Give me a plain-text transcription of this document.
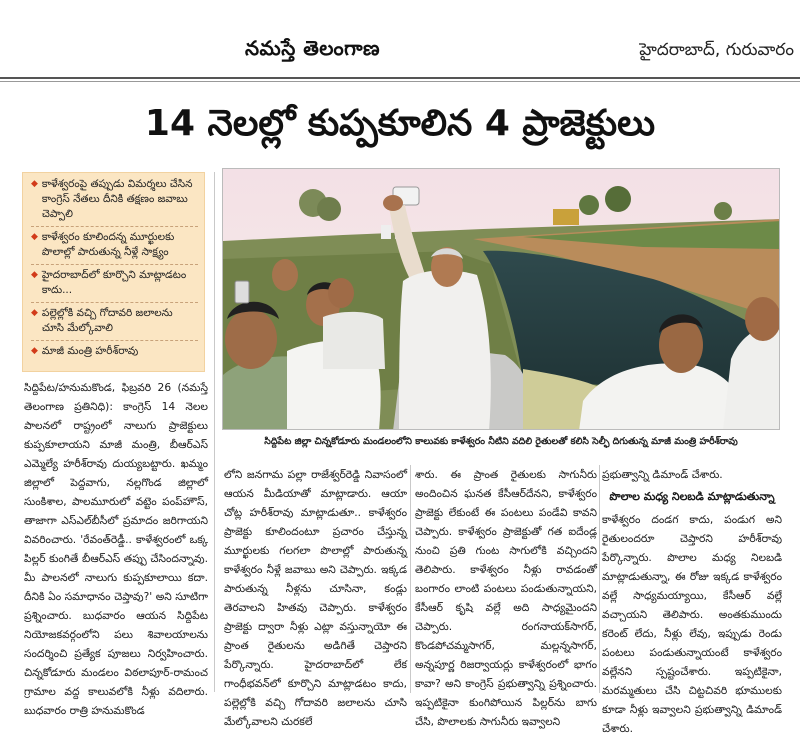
నమస్తే తెలంగాణ	హైదరాబాద్, గురువారం
14 నెలల్లో కుప్పకూలిన 4 ప్రాజెక్టులు
◆ కాళేశ్వరంపై తప్పుడు విమర్శలు చేసిన కాంగ్రెస్ నేతలు దీనికి తక్షణం జవాబు చెప్పాలి
◆ కాళేశ్వరం కూలిందన్న మూర్ఖులకు పొలాల్లో పారుతున్న నీళ్లే సాక్ష్యం
◆ హైదరాబాద్‌లో కూర్చొని మాట్లాడటం కాదు...
◆ పల్లెల్లోకి వచ్చి గోదావరి జలాలను చూసి మేల్కోవాలి
◆ మాజీ మంత్రి హరీశ్‌రావు
సిద్దిపేట జిల్లా చిన్నకోడూరు మండలంలోని కాలువకు కాళేశ్వరం నీటిని వదిలి రైతులతో కలిసి సెల్ఫీ దిగుతున్న మాజీ మంత్రి హరీశ్‌రావు

సిద్దిపేట/హనుమకొండ, ఫిబ్రవరి 26 (నమస్తే తెలంగాణ ప్రతినిధి): కాంగ్రెస్ 14 నెలల పాలనలో రాష్ట్రంలో నాలుగు ప్రాజెక్టులు కుప్పకూలాయని మాజీ మంత్రి, బీఆర్‌ఎస్ ఎమ్మెల్యే హరీశ్‌రావు దుయ్యబట్టారు. ఖమ్మం జిల్లాలో పెద్దవాగు, నల్లగొండ జిల్లాలో సుంకిశాల, పాలమూరులో వట్టెం పంప్‌హౌస్, తాజాగా ఎస్‌ఎల్‌బీసీలో ప్రమాదం జరిగాయని వివరించారు. 'రేవంత్‌రెడ్డీ.. కాళేశ్వరంలో ఒక్క పిల్లర్ కుంగితే బీఆర్‌ఎస్ తప్పు చేసిందన్నావు. మీ పాలనలో నాలుగు కుప్పకూలాయి కదా. దీనికి ఏం సమాధానం చెప్తావు?' అని సూటిగా ప్రశ్నించారు. బుధవారం ఆయన సిద్దిపేట నియోజకవర్గంలోని పలు శివాలయాలను సందర్శించి ప్రత్యేక పూజలు నిర్వహించారు. చిన్నకోడూరు మండలం విఠలాపూర్-రామంచ గ్రామాల వద్ద కాలువలోకి నీళ్లు వదిలారు. బుధవారం రాత్రి హనుమకొండ

లోని జనగామ పల్లా రాజేశ్వర్‌రెడ్డి నివాసంలో ఆయన మీడియాతో మాట్లాడారు. ఆయా చోట్ల హరీశ్‌రావు మాట్లాడుతూ.. కాళేశ్వరం ప్రాజెక్టు కూలిందంటూ ప్రచారం చేస్తున్న మూర్ఖులకు గలగలా పొలాల్లో పారుతున్న కాళేశ్వరం నీళ్లే జవాబు అని చెప్పారు. ఇక్కడ పారుతున్న నీళ్లను చూసినా, కండ్లు తెరవాలని హితవు చెప్పారు. కాళేశ్వరం ప్రాజెక్టు ద్వారా నీళ్లు ఎట్లా వస్తున్నాయో ఈ ప్రాంత రైతులను అడిగితే చెప్తారని పేర్కొన్నారు. హైదరాబాద్‌లో లేక గాంధీభవన్‌లో కూర్చొని మాట్లాడటం కాదు, పల్లెల్లోకి వచ్చి గోదావరి జలాలను చూసి మేల్కోవాలని చురకలే

శారు. ఈ ప్రాంత రైతులకు సాగునీరు అందించిన ఘనత కేసీఆర్‌దేనని, కాళేశ్వరం ప్రాజెక్టు లేకుంటే ఈ పంటలు పండేవి కావని చెప్పారు. కాళేశ్వరం ప్రాజెక్టుతో గత ఐదేండ్ల నుంచి ప్రతి గుంట సాగులోకి వచ్చిందని తెలిపారు. కాళేశ్వరం నీళ్లు రావడంతో బంగారం లాంటి పంటలు పండుతున్నాయని, కేసీఆర్ కృషి వల్లే అది సాధ్యమైందని చెప్పారు. రంగనాయక్‌సాగర్, కొండపోచమ్మసాగర్, మల్లన్నసాగర్, అన్నపూర్ణ రిజర్వాయర్లు కాళేశ్వరంలో భాగం కావా? అని కాంగ్రెస్ ప్రభుత్వాన్ని ప్రశ్నించారు. ఇప్పటికైనా కుంగిపోయిన పిల్లర్‌ను బాగు చేసి, పొలాలకు సాగునీరు ఇవ్వాలని

ప్రభుత్వాన్ని డిమాండ్ చేశారు.

పొలాల మధ్య నిలబడి మాట్లాడుతున్నా

కాళేశ్వరం దండగ కాదు, పండుగ అని రైతులందరూ చెప్తారని హరీశ్‌రావు పేర్కొన్నారు. పొలాల మధ్య నిలబడి మాట్లాడుతున్నా, ఈ రోజు ఇక్కడ కాళేశ్వరం వల్లే సాధ్యమయ్యాయి, కేసీఆర్ వల్లే వచ్చాయని తెలిపారు. అంతకుముందు కరెంట్ లేదు, నీళ్లు లేవు, ఇప్పుడు రెండు పంటలు పండుతున్నాయంటే కాళేశ్వరం వల్లేనని స్పష్టంచేశారు. ఇప్పటికైనా, మరమ్మతులు చేసి చిట్టచివరి భూములకు కూడా నీళ్లు ఇవ్వాలని ప్రభుత్వాన్ని డిమాండ్ చేశారు.
